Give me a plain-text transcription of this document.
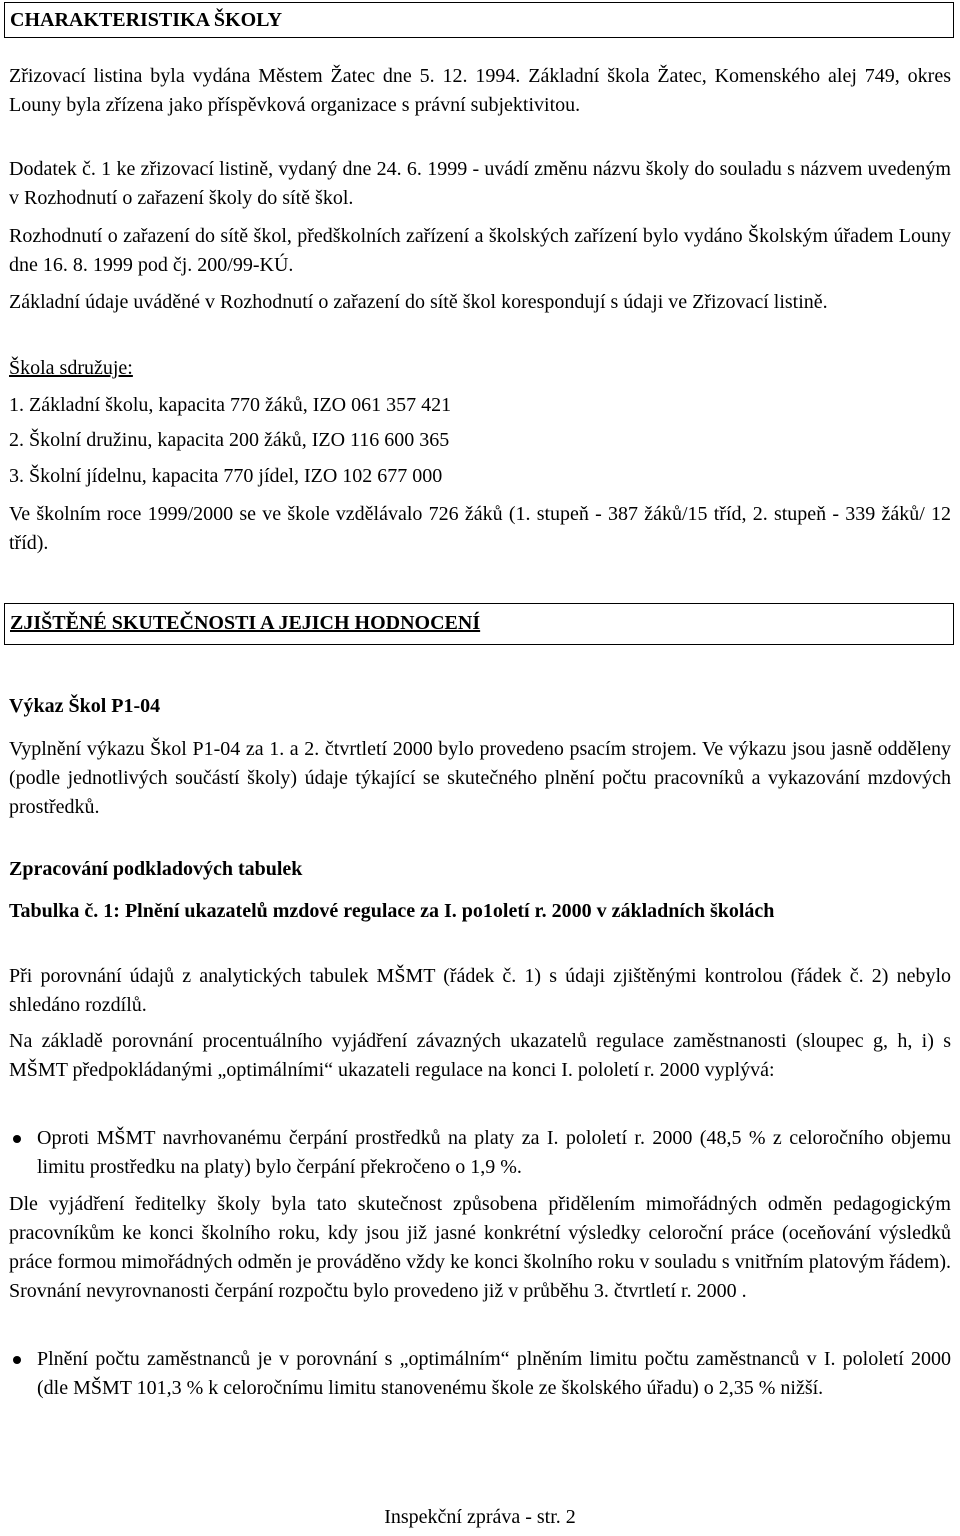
CHARAKTERISTIKA ŠKOLY

Zřizovací listina byla vydána Městem Žatec dne 5. 12. 1994. Základní škola Žatec, Komenského alej 749, okres Louny byla zřízena jako příspěvková organizace s právní subjektivitou.

Dodatek č. 1 ke zřizovací listině, vydaný dne 24. 6. 1999 - uvádí změnu názvu školy do souladu s názvem uvedeným v Rozhodnutí o zařazení školy do sítě škol.

Rozhodnutí o zařazení do sítě škol, předškolních zařízení a školských zařízení bylo vydáno Školským úřadem Louny dne 16. 8. 1999 pod čj. 200/99-KÚ.

Základní údaje uváděné v Rozhodnutí o zařazení do sítě škol korespondují s údaji ve Zřizovací listině.

Škola sdružuje:
1. Základní školu, kapacita 770 žáků, IZO 061 357 421
2. Školní družinu, kapacita 200 žáků, IZO 116 600 365
3. Školní jídelnu, kapacita 770 jídel, IZO 102 677 000

Ve školním roce 1999/2000 se ve škole vzdělávalo 726 žáků (1. stupeň - 387 žáků/15 tříd, 2. stupeň - 339 žáků/ 12 tříd).

ZJIŠTĚNÉ SKUTEČNOSTI A JEJICH HODNOCENÍ
Výkaz Škol P1-04

Vyplnění výkazu Škol P1-04 za 1. a 2. čtvrtletí 2000 bylo provedeno psacím strojem. Ve výkazu jsou jasně odděleny (podle jednotlivých součástí školy) údaje týkající se skutečného plnění počtu pracovníků a vykazování mzdových prostředků.

Zpracování podkladových tabulek

Tabulka č. 1: Plnění ukazatelů mzdové regulace za I. po1oletí r. 2000 v základních školách

Při porovnání údajů z analytických tabulek MŠMT (řádek č. 1) s údaji zjištěnými kontrolou (řádek č. 2) nebylo shledáno rozdílů.

Na základě porovnání procentuálního vyjádření závazných ukazatelů regulace zaměstnanosti (sloupec g, h, i) s MŠMT předpokládanými „optimálními“ ukazateli regulace na konci I. pololetí r. 2000 vyplývá:

Oproti MŠMT navrhovanému čerpání prostředků na platy za I. pololetí r. 2000 (48,5 % z celoročního objemu limitu prostředku na platy) bylo čerpání překročeno o 1,9 %.

Dle vyjádření ředitelky školy byla tato skutečnost způsobena přidělením mimořádných odměn pedagogickým pracovníkům ke konci školního roku, kdy jsou již jasné konkrétní výsledky celoroční práce (oceňování výsledků práce formou mimořádných odměn je prováděno vždy ke konci školního roku v souladu s vnitřním platovým řádem). Srovnání nevyrovnanosti čerpání rozpočtu bylo provedeno již v průběhu 3. čtvrtletí r. 2000 .

Plnění počtu zaměstnanců je v porovnání s „optimálním“ plněním limitu počtu zaměstnanců v I. pololetí 2000 (dle MŠMT 101,3 % k celoročnímu limitu stanovenému škole ze školského úřadu) o 2,35 % nižší.

Inspekční zpráva - str. 2
